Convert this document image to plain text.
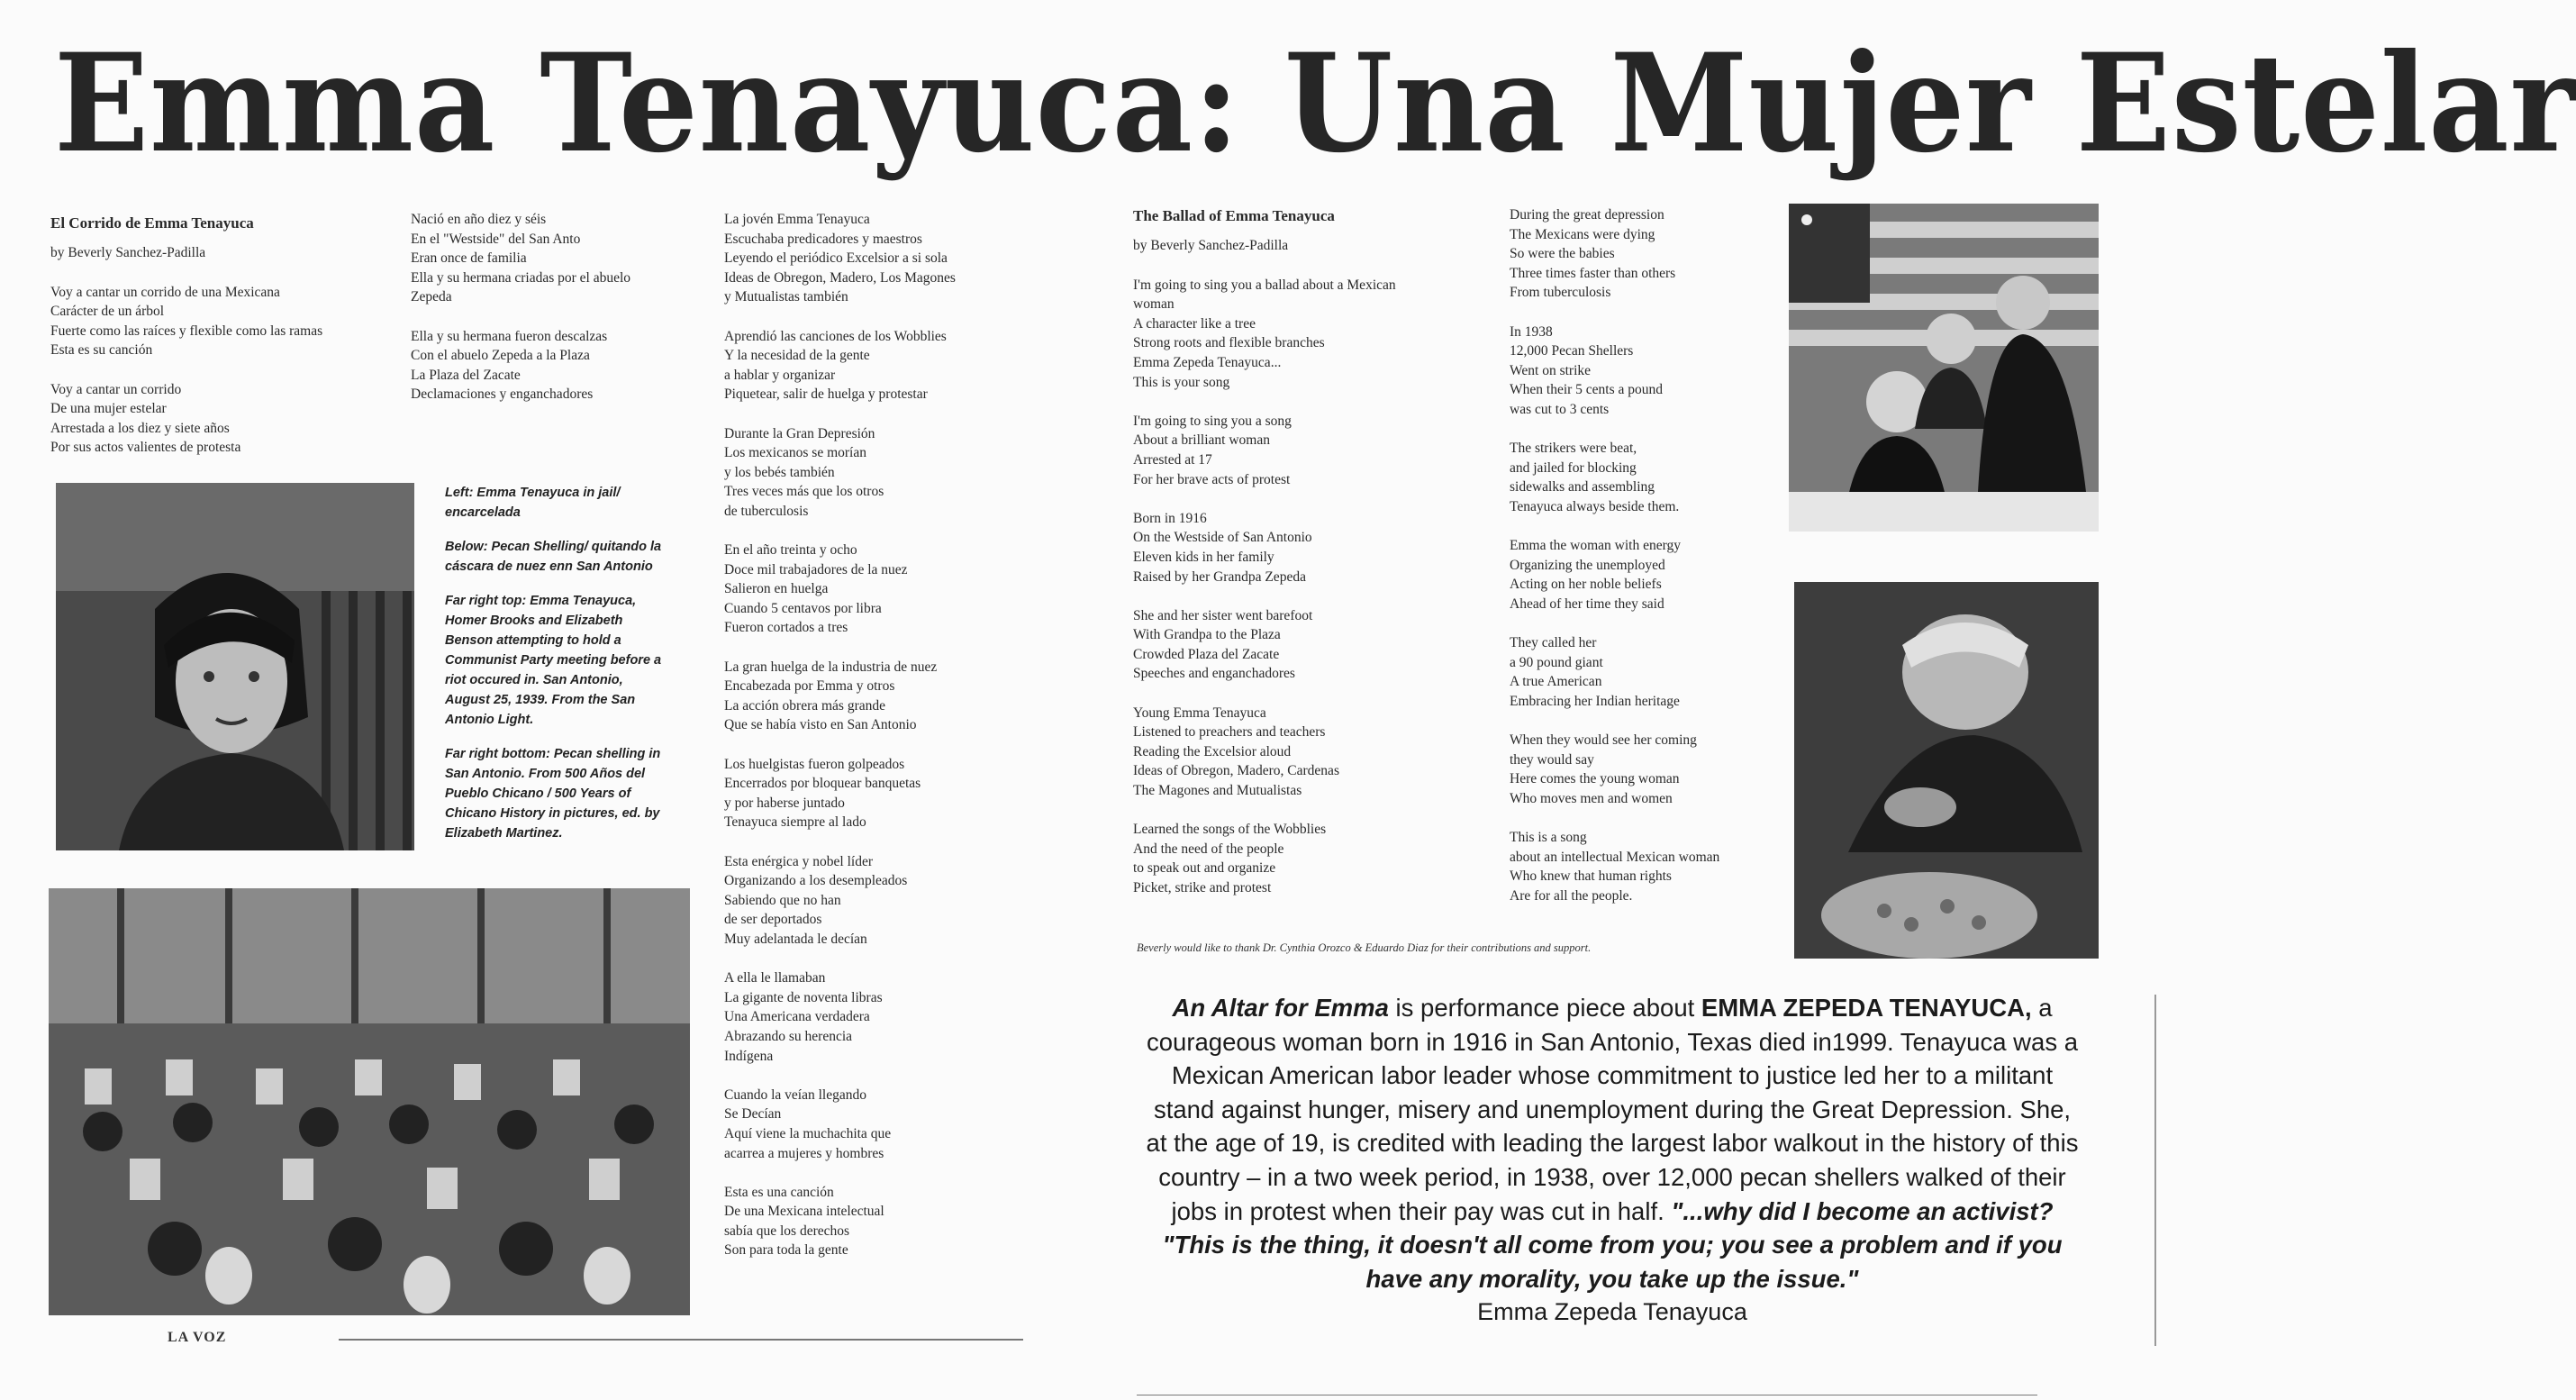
Emma Tenayuca: Una Mujer Estelar
El Corrido de Emma Tenayuca
by Beverly Sanchez-Padilla

Voy a cantar un corrido de una Mexicana
Carácter de un árbol
Fuerte como las raíces y flexible como las ramas
Esta es su canción

Voy a cantar un corrido
De una mujer estelar
Arrestada a los diez y siete años
Por sus actos valientes de protesta

Nació en año diez y séis
En el "Westside" del San Anto
Eran once de familia
Ella y su hermana criadas por el abuelo
Zepeda

Ella y su hermana fueron descalzas
Con el abuelo Zepeda a la Plaza
La Plaza del Zacate
Declamaciones y enganchadores

La jovén Emma Tenayuca
Escuchaba predicadores y maestros
Leyendo el periódico Excelsior a si sola
Ideas de Obregon, Madero, Los Magones
y Mutualistas también

Aprendió las canciones de los Wobblies
Y la necesidad de la gente
a hablar y organizar
Piquetear, salir de huelga y protestar

Durante la Gran Depresión
Los mexicanos se morían
y los bebés también
Tres veces más que los otros
de tuberculosis

En el año treinta y ocho
Doce mil trabajadores de la nuez
Salieron en huelga
Cuando 5 centavos por libra
Fueron cortados a tres

La gran huelga de la industria de nuez
Encabezada por Emma y otros
La acción obrera más grande
Que se había visto en San Antonio

Los huelgistas fueron golpeados
Encerrados por bloquear banquetas
y por haberse juntado
Tenayuca siempre al lado

Esta enérgica y nobel líder
Organizando a los desempleados
Sabiendo que no han
de ser deportados
Muy adelantada le decían

A ella le llamaban
La gigante de noventa libras
Una Americana verdadera
Abrazando su herencia
Indígena

Cuando la veían llegando
Se Decían
Aquí viene la muchachita que
acarrea a mujeres y hombres

Esta es una canción
De una Mexicana intelectual
sabía que los derechos
Son para toda la gente

Left: Emma Tenayuca in jail/ encarcelada

Below: Pecan Shelling/ quitando la cáscara de nuez enn San Antonio

Far right top: Emma Tenayuca, Homer Brooks and Elizabeth Benson attempting to hold a Communist Party meeting before a riot occured in. San Antonio, August 25, 1939. From the San Antonio Light.

Far right bottom: Pecan shelling in San Antonio. From 500 Años del Pueblo Chicano / 500 Years of Chicano History in pictures, ed. by Elizabeth Martinez.

The Ballad of Emma Tenayuca
by Beverly Sanchez-Padilla

I'm going to sing you a ballad about a Mexican
woman
A character like a tree
Strong roots and flexible branches
Emma Zepeda Tenayuca...
This is your song

I'm going to sing you a song
About a brilliant woman
Arrested at 17
For her brave acts of protest

Born in 1916
On the Westside of San Antonio
Eleven kids in her family
Raised by her Grandpa Zepeda

She and her sister went barefoot
With Grandpa to the Plaza
Crowded Plaza del Zacate
Speeches and enganchadores

Young Emma Tenayuca
Listened to preachers and teachers
Reading the Excelsior aloud
Ideas of Obregon, Madero, Cardenas
The Magones and Mutualistas

Learned the songs of the Wobblies
And the need of the people
to speak out and organize
Picket, strike and protest

During the great depression
The Mexicans were dying
So were the babies
Three times faster than others
From tuberculosis

In 1938
12,000 Pecan Shellers
Went on strike
When their 5 cents a pound
was cut to 3 cents

The strikers were beat,
and jailed for blocking
sidewalks and assembling
Tenayuca always beside them.

Emma the woman with energy
Organizing the unemployed
Acting on her noble beliefs
Ahead of her time they said

They called her
a 90 pound giant
A true American
Embracing her Indian heritage

When they would see her coming
they would say
Here comes the young woman
Who moves men and women

This is a song
about an intellectual Mexican woman
Who knew that human rights
Are for all the people.

Beverly would like to thank Dr. Cynthia Orozco & Eduardo Diaz for their contributions and support.
An Altar for Emma is performance piece about EMMA ZEPEDA TENAYUCA, a courageous woman born in 1916 in San Antonio, Texas died in1999. Tenayuca was a Mexican American labor leader whose commitment to justice led her to a militant stand against hunger, misery and unemployment during the Great Depression. She, at the age of 19, is credited with leading the largest labor walkout in the history of this country – in a two week period, in 1938, over 12,000 pecan shellers walked of their jobs in protest when their pay was cut in half. "...why did I become an activist? "This is the thing, it doesn't all come from you; you see a problem and if you have any morality, you take up the issue."
Emma Zepeda Tenayuca
LA VOZ
